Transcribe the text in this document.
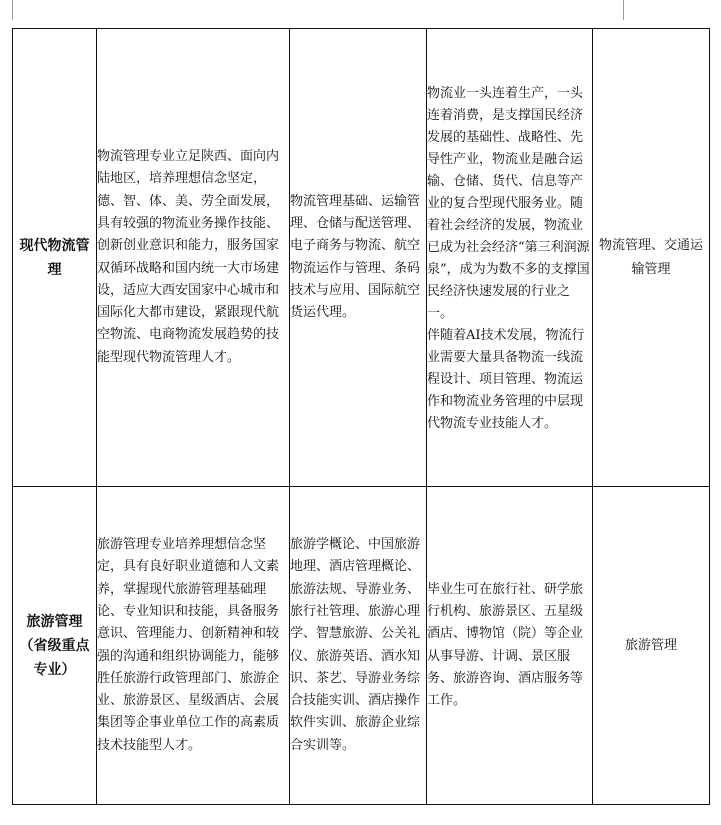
现代物流管理	物流管理专业立足陕西、面向内陆地区，培养理想信念坚定，德、智、体、美、劳全面发展，具有较强的物流业务操作技能、创新创业意识和能力，服务国家双循环战略和国内统一大市场建设，适应大西安国家中心城市和国际化大都市建设，紧跟现代航空物流、电商物流发展趋势的技能型现代物流管理人才。	物流管理基础、运输管理、仓储与配送管理、电子商务与物流、航空物流运作与管理、条码技术与应用、国际航空货运代理。	物流业一头连着生产，一头连着消费，是支撑国民经济发展的基础性、战略性、先导性产业，物流业是融合运输、仓储、货代、信息等产业的复合型现代服务业。随着社会经济的发展，物流业已成为社会经济“第三利润源泉”，成为为数不多的支撑国民经济快速发展的行业之一。
伴随着AI技术发展，物流行业需要大量具备物流一线流程设计、项目管理、物流运作和物流业务管理的中层现代物流专业技能人才。	物流管理、交通运输管理
旅游管理（省级重点专业）	旅游管理专业培养理想信念坚定，具有良好职业道德和人文素养，掌握现代旅游管理基础理论、专业知识和技能，具备服务意识、管理能力、创新精神和较强的沟通和组织协调能力，能够胜任旅游行政管理部门、旅游企业、旅游景区、星级酒店、会展集团等企事业单位工作的高素质技术技能型人才。	旅游学概论、中国旅游地理、酒店管理概论、旅游法规、导游业务、旅行社管理、旅游心理学、智慧旅游、公关礼仪、旅游英语、酒水知识、茶艺、导游业务综合技能实训、酒店操作软件实训、旅游企业综合实训等。	毕业生可在旅行社、研学旅行机构、旅游景区、五星级酒店、博物馆（院）等企业从事导游、计调、景区服务、旅游咨询、酒店服务等工作。	旅游管理
